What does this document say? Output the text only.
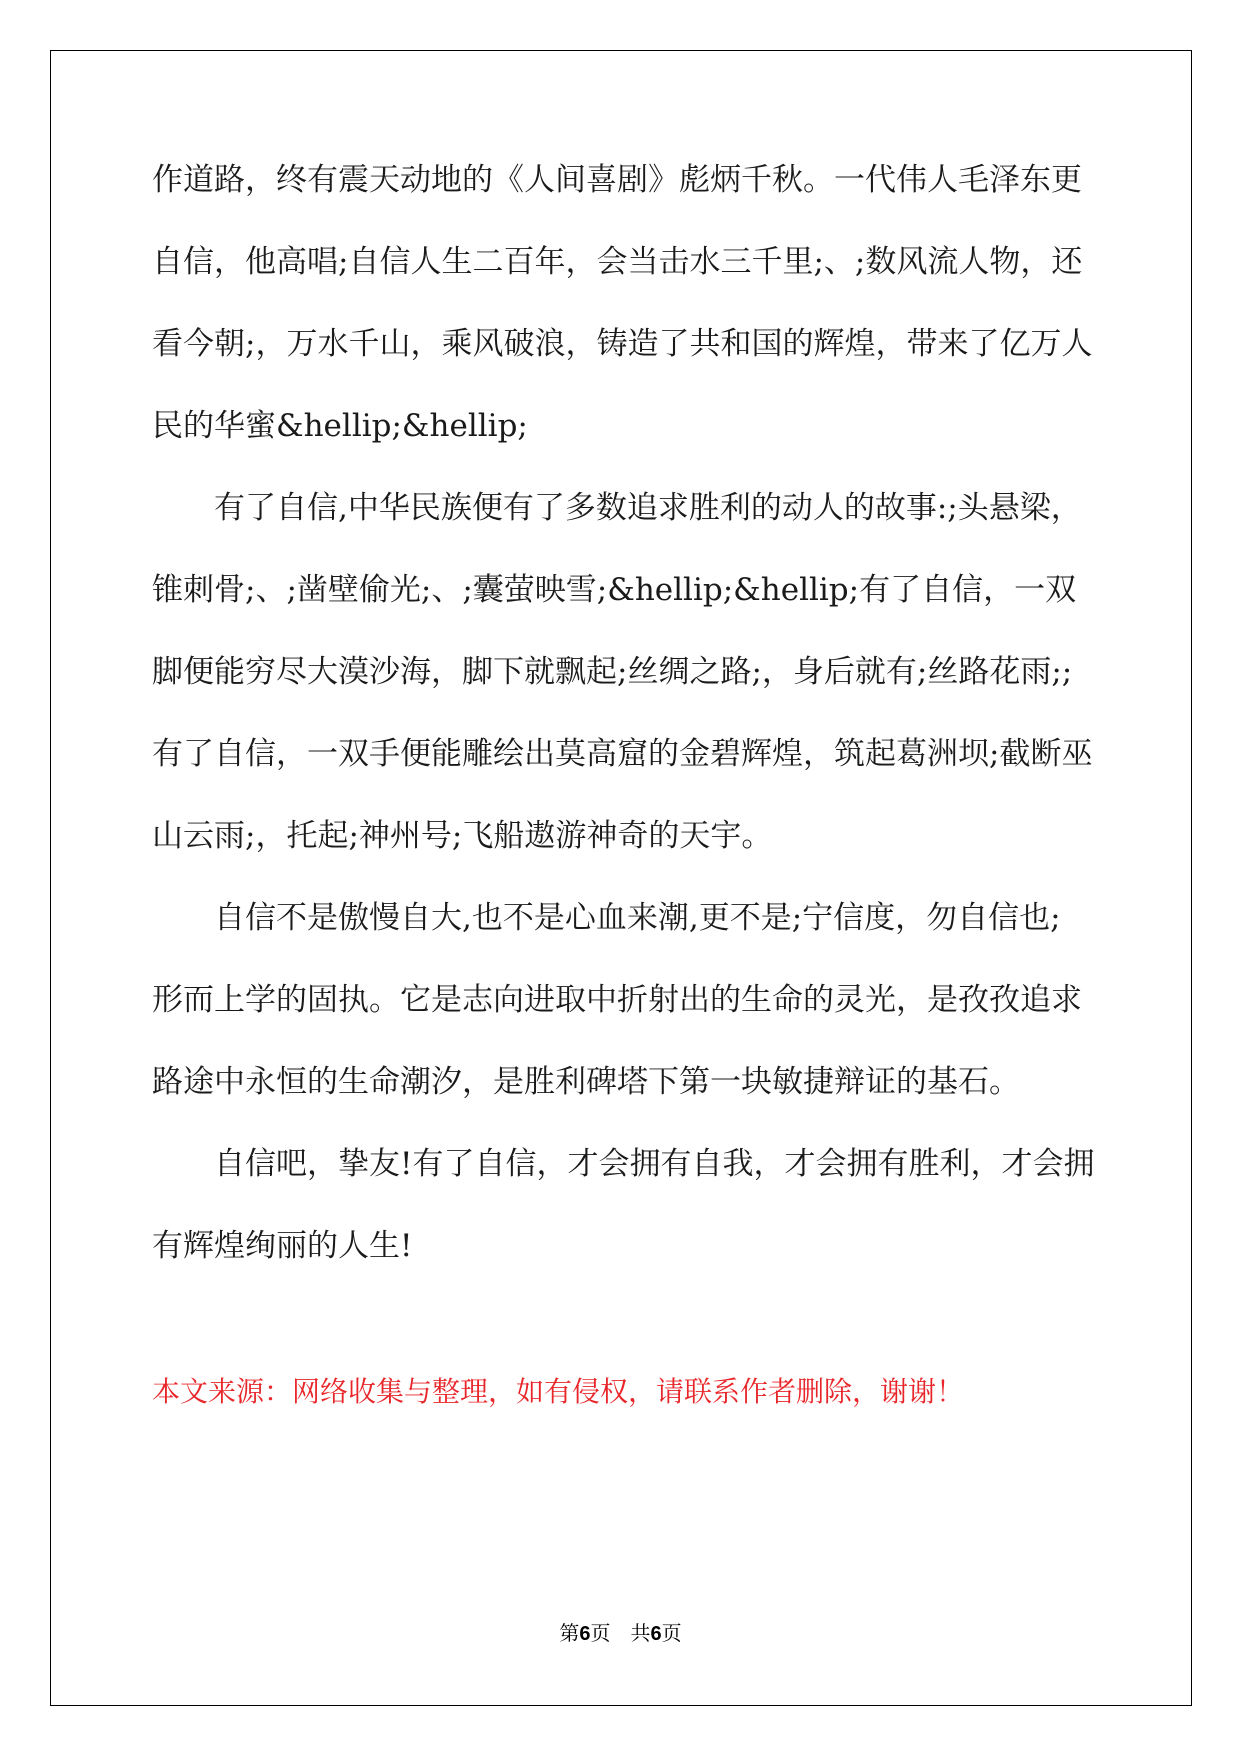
作道路，终有震天动地的《人间喜剧》彪炳千秋。一代伟人毛泽东更
自信，他高唱;自信人生二百年，会当击水三千里;、;数风流人物，还
看今朝;，万水千山，乘风破浪，铸造了共和国的辉煌，带来了亿万人
民的华蜜&hellip;&hellip;
有了自信,中华民族便有了多数追求胜利的动人的故事:;头悬梁，
锥刺骨;、;凿壁偷光;、;囊萤映雪;&hellip;&hellip;有了自信，一双
脚便能穷尽大漠沙海，脚下就飘起;丝绸之路;，身后就有;丝路花雨;;
有了自信，一双手便能雕绘出莫高窟的金碧辉煌，筑起葛洲坝;截断巫
山云雨;，托起;神州号;飞船遨游神奇的天宇。
自信不是傲慢自大,也不是心血来潮,更不是;宁信度，勿自信也;
形而上学的固执。它是志向进取中折射出的生命的灵光，是孜孜追求
路途中永恒的生命潮汐，是胜利碑塔下第一块敏捷辩证的基石。
自信吧，挚友!有了自信，才会拥有自我，才会拥有胜利，才会拥
有辉煌绚丽的人生!
本文来源：网络收集与整理，如有侵权，请联系作者删除，谢谢！
第6页　共6页
